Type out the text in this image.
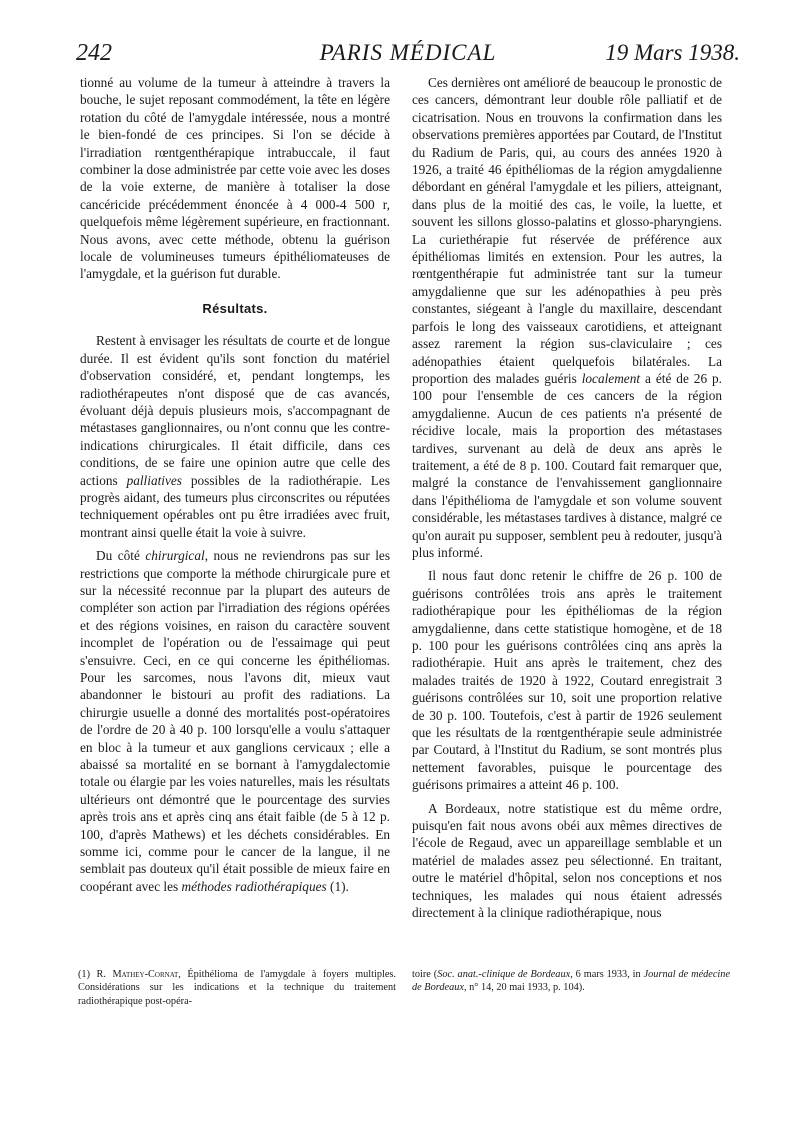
242	PARIS MÉDICAL	19 Mars 1938.

tionné au volume de la tumeur à atteindre à travers la bouche, le sujet reposant commodément, la tête en légère rotation du côté de l'amygdale intéressée, nous a montré le bien-fondé de ces principes. Si l'on se décide à l'irradiation rœntgenthérapique intrabuccale, il faut combiner la dose administrée par cette voie avec les doses de la voie externe, de manière à totaliser la dose cancéricide précédemment énoncée à 4 000-4 500 r, quelquefois même légèrement supérieure, en fractionnant. Nous avons, avec cette méthode, obtenu la guérison locale de volumineuses tumeurs épithéliomateuses de l'amygdale, et la guérison fut durable.

Résultats.

Restent à envisager les résultats de courte et de longue durée. Il est évident qu'ils sont fonction du matériel d'observation considéré, et, pendant longtemps, les radiothérapeutes n'ont disposé que de cas avancés, évoluant déjà depuis plusieurs mois, s'accompagnant de métastases ganglionnaires, ou n'ont connu que les contre-indications chirurgicales. Il était difficile, dans ces conditions, de se faire une opinion autre que celle des actions palliatives possibles de la radiothérapie. Les progrès aidant, des tumeurs plus circonscrites ou réputées techniquement opérables ont pu être irradiées avec fruit, montrant ainsi quelle était la voie à suivre.

Du côté chirurgical, nous ne reviendrons pas sur les restrictions que comporte la méthode chirurgicale pure et sur la nécessité reconnue par la plupart des auteurs de compléter son action par l'irradiation des régions opérées et des régions voisines, en raison du caractère souvent incomplet de l'opération ou de l'essaimage qui peut s'ensuivre. Ceci, en ce qui concerne les épithéliomas. Pour les sarcomes, nous l'avons dit, mieux vaut abandonner le bistouri au profit des radiations. La chirurgie usuelle a donné des mortalités post-opératoires de l'ordre de 20 à 40 p. 100 lorsqu'elle a voulu s'attaquer en bloc à la tumeur et aux ganglions cervicaux ; elle a abaissé sa mortalité en se bornant à l'amygdalectomie totale ou élargie par les voies naturelles, mais les résultats ultérieurs ont démontré que le pourcentage des survies après trois ans et après cinq ans était faible (de 5 à 12 p. 100, d'après Mathews) et les déchets considérables. En somme ici, comme pour le cancer de la langue, il ne semblait pas douteux qu'il était possible de mieux faire en coopérant avec les méthodes radiothérapiques (1).

Ces dernières ont amélioré de beaucoup le pronostic de ces cancers, démontrant leur double rôle palliatif et de cicatrisation. Nous en trouvons la confirmation dans les observations premières apportées par Coutard, de l'Institut du Radium de Paris, qui, au cours des années 1920 à 1926, a traité 46 épithéliomas de la région amygdalienne débordant en général l'amygdale et les piliers, atteignant, dans plus de la moitié des cas, le voile, la luette, et souvent les sillons glosso-palatins et glosso-pharyngiens. La curiethérapie fut réservée de préférence aux épithéliomas limités en extension. Pour les autres, la rœntgenthérapie fut administrée tant sur la tumeur amygdalienne que sur les adénopathies à peu près constantes, siégeant à l'angle du maxillaire, descendant parfois le long des vaisseaux carotidiens, et atteignant assez rarement la région sus-claviculaire ; ces adénopathies étaient quelquefois bilatérales. La proportion des malades guéris localement a été de 26 p. 100 pour l'ensemble de ces cancers de la région amygdalienne. Aucun de ces patients n'a présenté de récidive locale, mais la proportion des métastases tardives, survenant au delà de deux ans après le traitement, a été de 8 p. 100. Coutard fait remarquer que, malgré la constance de l'envahissement ganglionnaire dans l'épithélioma de l'amygdale et son volume souvent considérable, les métastases tardives à distance, malgré ce qu'on aurait pu supposer, semblent peu à redouter, jusqu'à plus informé.

Il nous faut donc retenir le chiffre de 26 p. 100 de guérisons contrôlées trois ans après le traitement radiothérapique pour les épithéliomas de la région amygdalienne, dans cette statistique homogène, et de 18 p. 100 pour les guérisons contrôlées cinq ans après la radiothérapie. Huit ans après le traitement, chez des malades traités de 1920 à 1922, Coutard enregistrait 3 guérisons contrôlées sur 10, soit une proportion relative de 30 p. 100. Toutefois, c'est à partir de 1926 seulement que les résultats de la rœntgenthérapie seule administrée par Coutard, à l'Institut du Radium, se sont montrés plus nettement favorables, puisque le pourcentage des guérisons primaires a atteint 46 p. 100.

A Bordeaux, notre statistique est du même ordre, puisqu'en fait nous avons obéi aux mêmes directives de l'école de Regaud, avec un appareillage semblable et un matériel de malades assez peu sélectionné. En traitant, outre le matériel d'hôpital, selon nos conceptions et nos techniques, les malades qui nous étaient adressés directement à la clinique radiothérapique, nous

(1) R. Mathey-Cornat, Épithélioma de l'amygdale à foyers multiples. Considérations sur les indications et la technique du traitement radiothérapique post-opéra-
toire (Soc. anat.-clinique de Bordeaux, 6 mars 1933, in Journal de médecine de Bordeaux, n° 14, 20 mai 1933, p. 104).
